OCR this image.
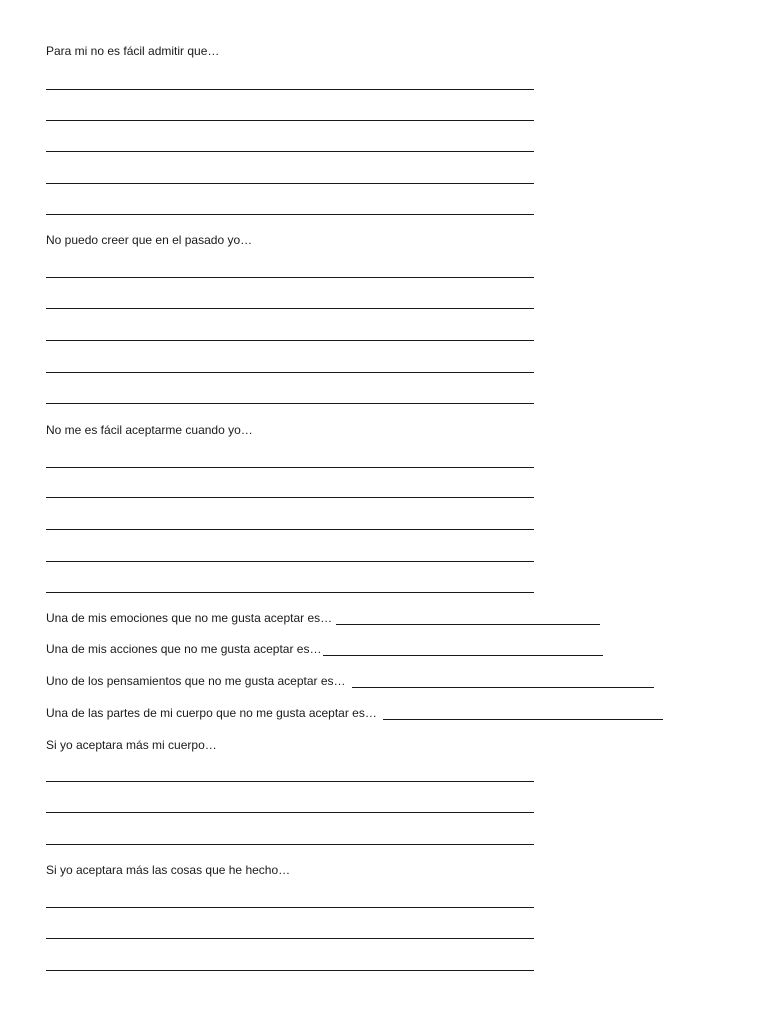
Para mi no es fácil admitir que…
No puedo creer que en el pasado yo…
No me es fácil aceptarme cuando yo…
Una de mis emociones que no me gusta aceptar es…
Una de mis acciones que no me gusta aceptar es…
Uno de los pensamientos que no me gusta aceptar es…
Una de las partes de mi cuerpo que no me gusta aceptar es…
Si yo aceptara más mi cuerpo…
Si yo aceptara más las cosas que he hecho…
